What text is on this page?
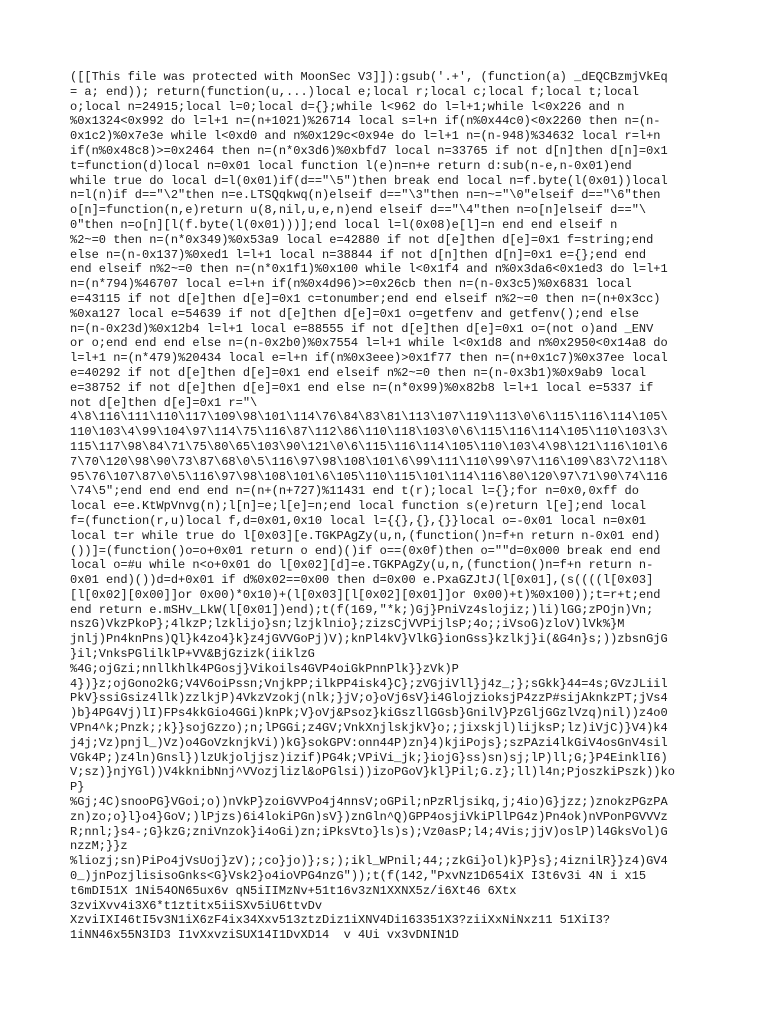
([[This file was protected with MoonSec V3]]):gsub('.+', (function(a) _dEQCBzmjVkEq
= a; end)); return(function(u,...)local e;local r;local c;local f;local t;local
o;local n=24915;local l=0;local d={};while l<962 do l=l+1;while l<0x226 and n
%0x1324<0x992 do l=l+1 n=(n+1021)%26714 local s=l+n if(n%0x44c0)<0x2260 then n=(n-
0x1c2)%0x7e3e while l<0xd0 and n%0x129c<0x94e do l=l+1 n=(n-948)%34632 local r=l+n
if(n%0x48c8)>=0x2464 then n=(n*0x3d6)%0xbfd7 local n=33765 if not d[n]then d[n]=0x1
t=function(d)local n=0x01 local function l(e)n=n+e return d:sub(n-e,n-0x01)end
while true do local d=l(0x01)if(d=="\5")then break end local n=f.byte(l(0x01))local
n=l(n)if d=="\2"then n=e.LTSQqkwq(n)elseif d=="\3"then n=n~="\0"elseif d=="\6"then
o[n]=function(n,e)return u(8,nil,u,e,n)end elseif d=="\4"then n=o[n]elseif d=="\
0"then n=o[n][l(f.byte(l(0x01)))];end local l=l(0x08)e[l]=n end end elseif n
%2~=0 then n=(n*0x349)%0x53a9 local e=42880 if not d[e]then d[e]=0x1 f=string;end
else n=(n-0x137)%0xed1 l=l+1 local n=38844 if not d[n]then d[n]=0x1 e={};end end
end elseif n%2~=0 then n=(n*0x1f1)%0x100 while l<0x1f4 and n%0x3da6<0x1ed3 do l=l+1
n=(n*794)%46707 local e=l+n if(n%0x4d96)>=0x26cb then n=(n-0x3c5)%0x6831 local
e=43115 if not d[e]then d[e]=0x1 c=tonumber;end end elseif n%2~=0 then n=(n+0x3cc)
%0xa127 local e=54639 if not d[e]then d[e]=0x1 o=getfenv and getfenv();end else
n=(n-0x23d)%0x12b4 l=l+1 local e=88555 if not d[e]then d[e]=0x1 o=(not o)and _ENV
or o;end end end else n=(n-0x2b0)%0x7554 l=l+1 while l<0x1d8 and n%0x2950<0x14a8 do
l=l+1 n=(n*479)%20434 local e=l+n if(n%0x3eee)>0x1f77 then n=(n+0x1c7)%0x37ee local
e=40292 if not d[e]then d[e]=0x1 end elseif n%2~=0 then n=(n-0x3b1)%0x9ab9 local
e=38752 if not d[e]then d[e]=0x1 end else n=(n*0x99)%0x82b8 l=l+1 local e=5337 if
not d[e]then d[e]=0x1 r="\
4\8\116\111\110\117\109\98\101\114\76\84\83\81\113\107\119\113\0\6\115\116\114\105\
110\103\4\99\104\97\114\75\116\87\112\86\110\118\103\0\6\115\116\114\105\110\103\3\
115\117\98\84\71\75\80\65\103\90\121\0\6\115\116\114\105\110\103\4\98\121\116\101\6
7\70\120\98\90\73\87\68\0\5\116\97\98\108\101\6\99\111\110\99\97\116\109\83\72\118\
95\76\107\87\0\5\116\97\98\108\101\6\105\110\115\101\114\116\80\120\97\71\90\74\116
\74\5";end end end end n=(n+(n+727)%11431 end t(r);local l={};for n=0x0,0xff do
local e=e.KtWpVnvg(n);l[n]=e;l[e]=n;end local function s(e)return l[e];end local
f=(function(r,u)local f,d=0x01,0x10 local l={{},{},{}}local o=-0x01 local n=0x01
local t=r while true do l[0x03][e.TGKPAgZy(u,n,(function()n=f+n return n-0x01 end)
())]=(function()o=o+0x01 return o end)()if o==(0x0f)then o=""d=0x000 break end end
local o=#u while n<o+0x01 do l[0x02][d]=e.TGKPAgZy(u,n,(function()n=f+n return n-
0x01 end)())d=d+0x01 if d%0x02==0x00 then d=0x00 e.PxaGZJtJ(l[0x01],(s((((l[0x03]
[l[0x02][0x00]]or 0x00)*0x10)+(l[0x03][l[0x02][0x01]]or 0x00)+t)%0x100));t=r+t;end
end return e.mSHv_LkW(l[0x01])end);t(f(169,"*k;)Gj}PniVz4slojiz;)li)lGG;zPOjn)Vn;
nszG)VkzPkoP};4lkzP;lzklijo}sn;lzjklnio};zizsCjVVPijlsP;4o;;iVsoG)zloV)lVk%}M
jnlj)Pn4knPns)Ql}k4zo4}k}z4jGVVGoPj)V);knPl4kV}VlkG}ionGss}kzlkj}i(&G4n}s;))zbsnGjG
}il;VnksPGlilklP+VV&BjGzizk(iiklzG
%4G;ojGzi;nnllkhlk4PGosj}Vikoils4GVP4oiGkPnnPlk}}zVk)P
4})}z;ojGono2kG;V4V6oiPssn;VnjkPP;ilkPP4isk4}C};zVGjiVll}j4z_;};sGkk}44=4s;GVzJLiil
PkV}ssiGsiz4llk)zzlkjP)4VkzVzokj(nlk;}jV;o}oVj6sV}i4GlojzioksjP4zzP#sijAknkzPT;jVs4
)b}4PG4Vj)lI)FPs4kkGio4GGi)knPk;V}oVj&Psoz}kiGszllGGsb}GnilV}PzGljGGzlVzq)nil))z4o0
VPn4^k;Pnzk;;k}}sojGzzo);n;lPGGi;z4GV;VnkXnjlskjkV}o;;jixskjl)lijksP;lz)iVjC)}V4)k4
j4j;Vz)pnjl_)Vz)o4GoVzknjkVi))kG}sokGPV:onn44P)zn}4)kjiPojs};szPAzi4lkGiV4osGnV4sil
VGk4P;)z4ln)Gnsl})lzUkjoljjsz)izif)PG4k;VPiVi_jk;}iojG}ss)sn)sj;lP)ll;G;}P4EinklI6)
V;sz)}njYGl))V4kknibNnj^VVozjlizl&oPGlsi))izoPGoV}kl}Pil;G.z};ll)l4n;PjoszkiPszk))ko
P}
%Gj;4C)snooPG}VGoi;o))nVkP}zoiGVVPo4j4nnsV;oGPil;nPzRljsikq,j;4io)G}jzz;)znokzPGzPA
zn)zo;o}l}o4}GoV;)lPjzs)6i4lokiPGn)sV})znGln^Q)GPP4osjiVkiPllPG4z)Pn4ok)nVPonPGVVVz
R;nnl;}s4-;G}kzG;zniVnzok}i4oGi)zn;iPksVto}ls)s);Vz0asP;l4;4Vis;jjV)oslP)l4GksVol)G
nzzM;}}z
%liozj;sn)PiPo4jVsUoj}zV);;co}jo)};s;);ikl_WPnil;44;;zkGi}ol)k}P}s};4iznilR}}z4)GV4
0_)jnPozjlisisoGnks<G}Vsk2}o4ioVPG4nzG"));t(f(142,"PxvNz1D654iX I3t6v3i 4N i x15
t6mDI51X 1Ni54ON65ux6v qN5iIIMzNv+51t16v3zN1XXNX5z/i6Xt46 6Xtx
3zviXvv4i3X6*t1ztitx5iiSXv5iU6ttvDv
XzviIXI46tI5v3N1iX6zF4ix34Xxv513ztzDiz1iXNV4Di163351X3?ziiXxNiNxz11 51XiI3?
1iNN46x55N3ID3 I1vXxvziSUX14I1DvXD14  v 4Ui vx3vDNIN1D
